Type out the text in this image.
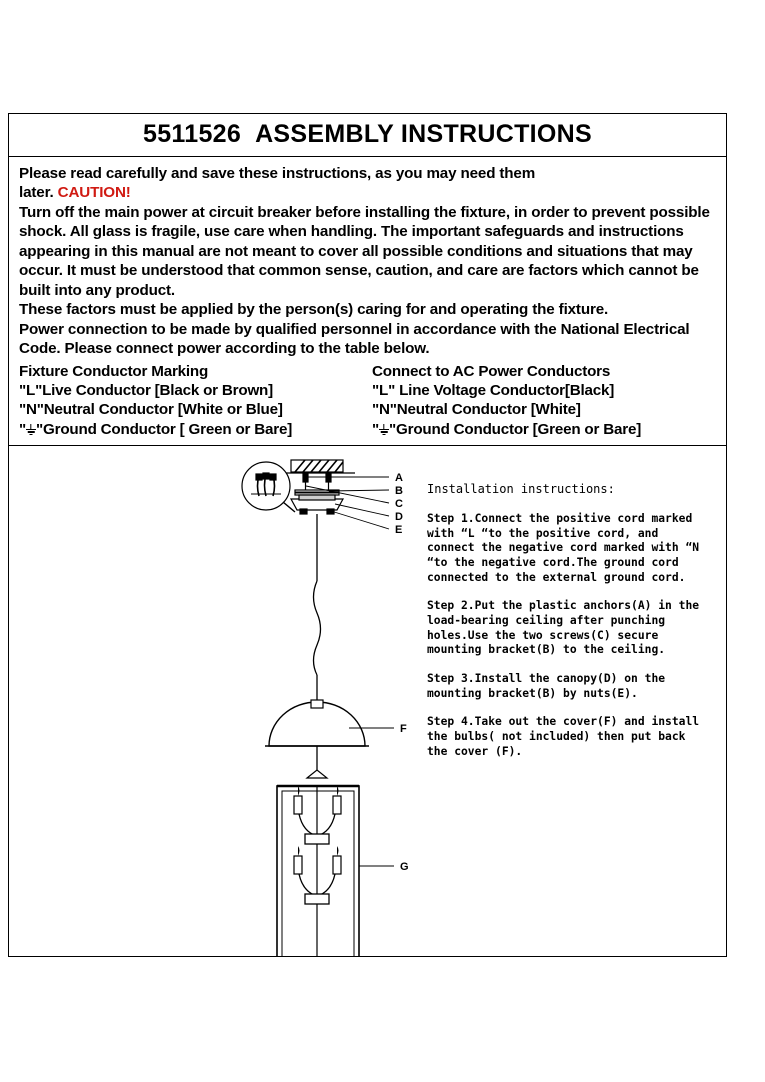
5511526 ASSEMBLY INSTRUCTIONS

Please read carefully and save these instructions, as you may need them

later. CAUTION!

Turn off the main power at circuit breaker before installing the fixture, in order to prevent possible shock. All glass is fragile, use care when handling. The important safeguards and instructions appearing in this manual are not meant to cover all possible conditions and situations that may occur. It must be understood that common sense, caution, and care are factors which cannot be built into any product.

These factors must be applied by the person(s) caring for and operating the fixture.

Power connection to be made by qualified personnel in accordance with the National Electrical Code. Please connect power according to the table below.

Fixture Conductor Marking	Connect to AC Power Conductors
"L"Live Conductor [Black or Brown]	"L" Line Voltage Conductor[Black]
"N"Neutral Conductor [White or Blue]	"N"Neutral Conductor [White]
" "Ground Conductor [ Green or Bare]	" "Ground Conductor [Green or Bare]
A
B
C
D
E
F
G
Installation instructions:
Step 1.Connect the positive cord marked with “L “to the positive cord, and connect the negative cord marked with “N “to the negative cord.The ground cord connected to the external ground cord.
Step 2.Put the plastic anchors(A) in the load-bearing ceiling after punching holes.Use the two screws(C) secure mounting bracket(B) to the ceiling.
Step 3.Install the canopy(D) on the mounting bracket(B) by nuts(E).
Step 4.Take out the cover(F) and install the bulbs( not included) then put back the cover (F).
